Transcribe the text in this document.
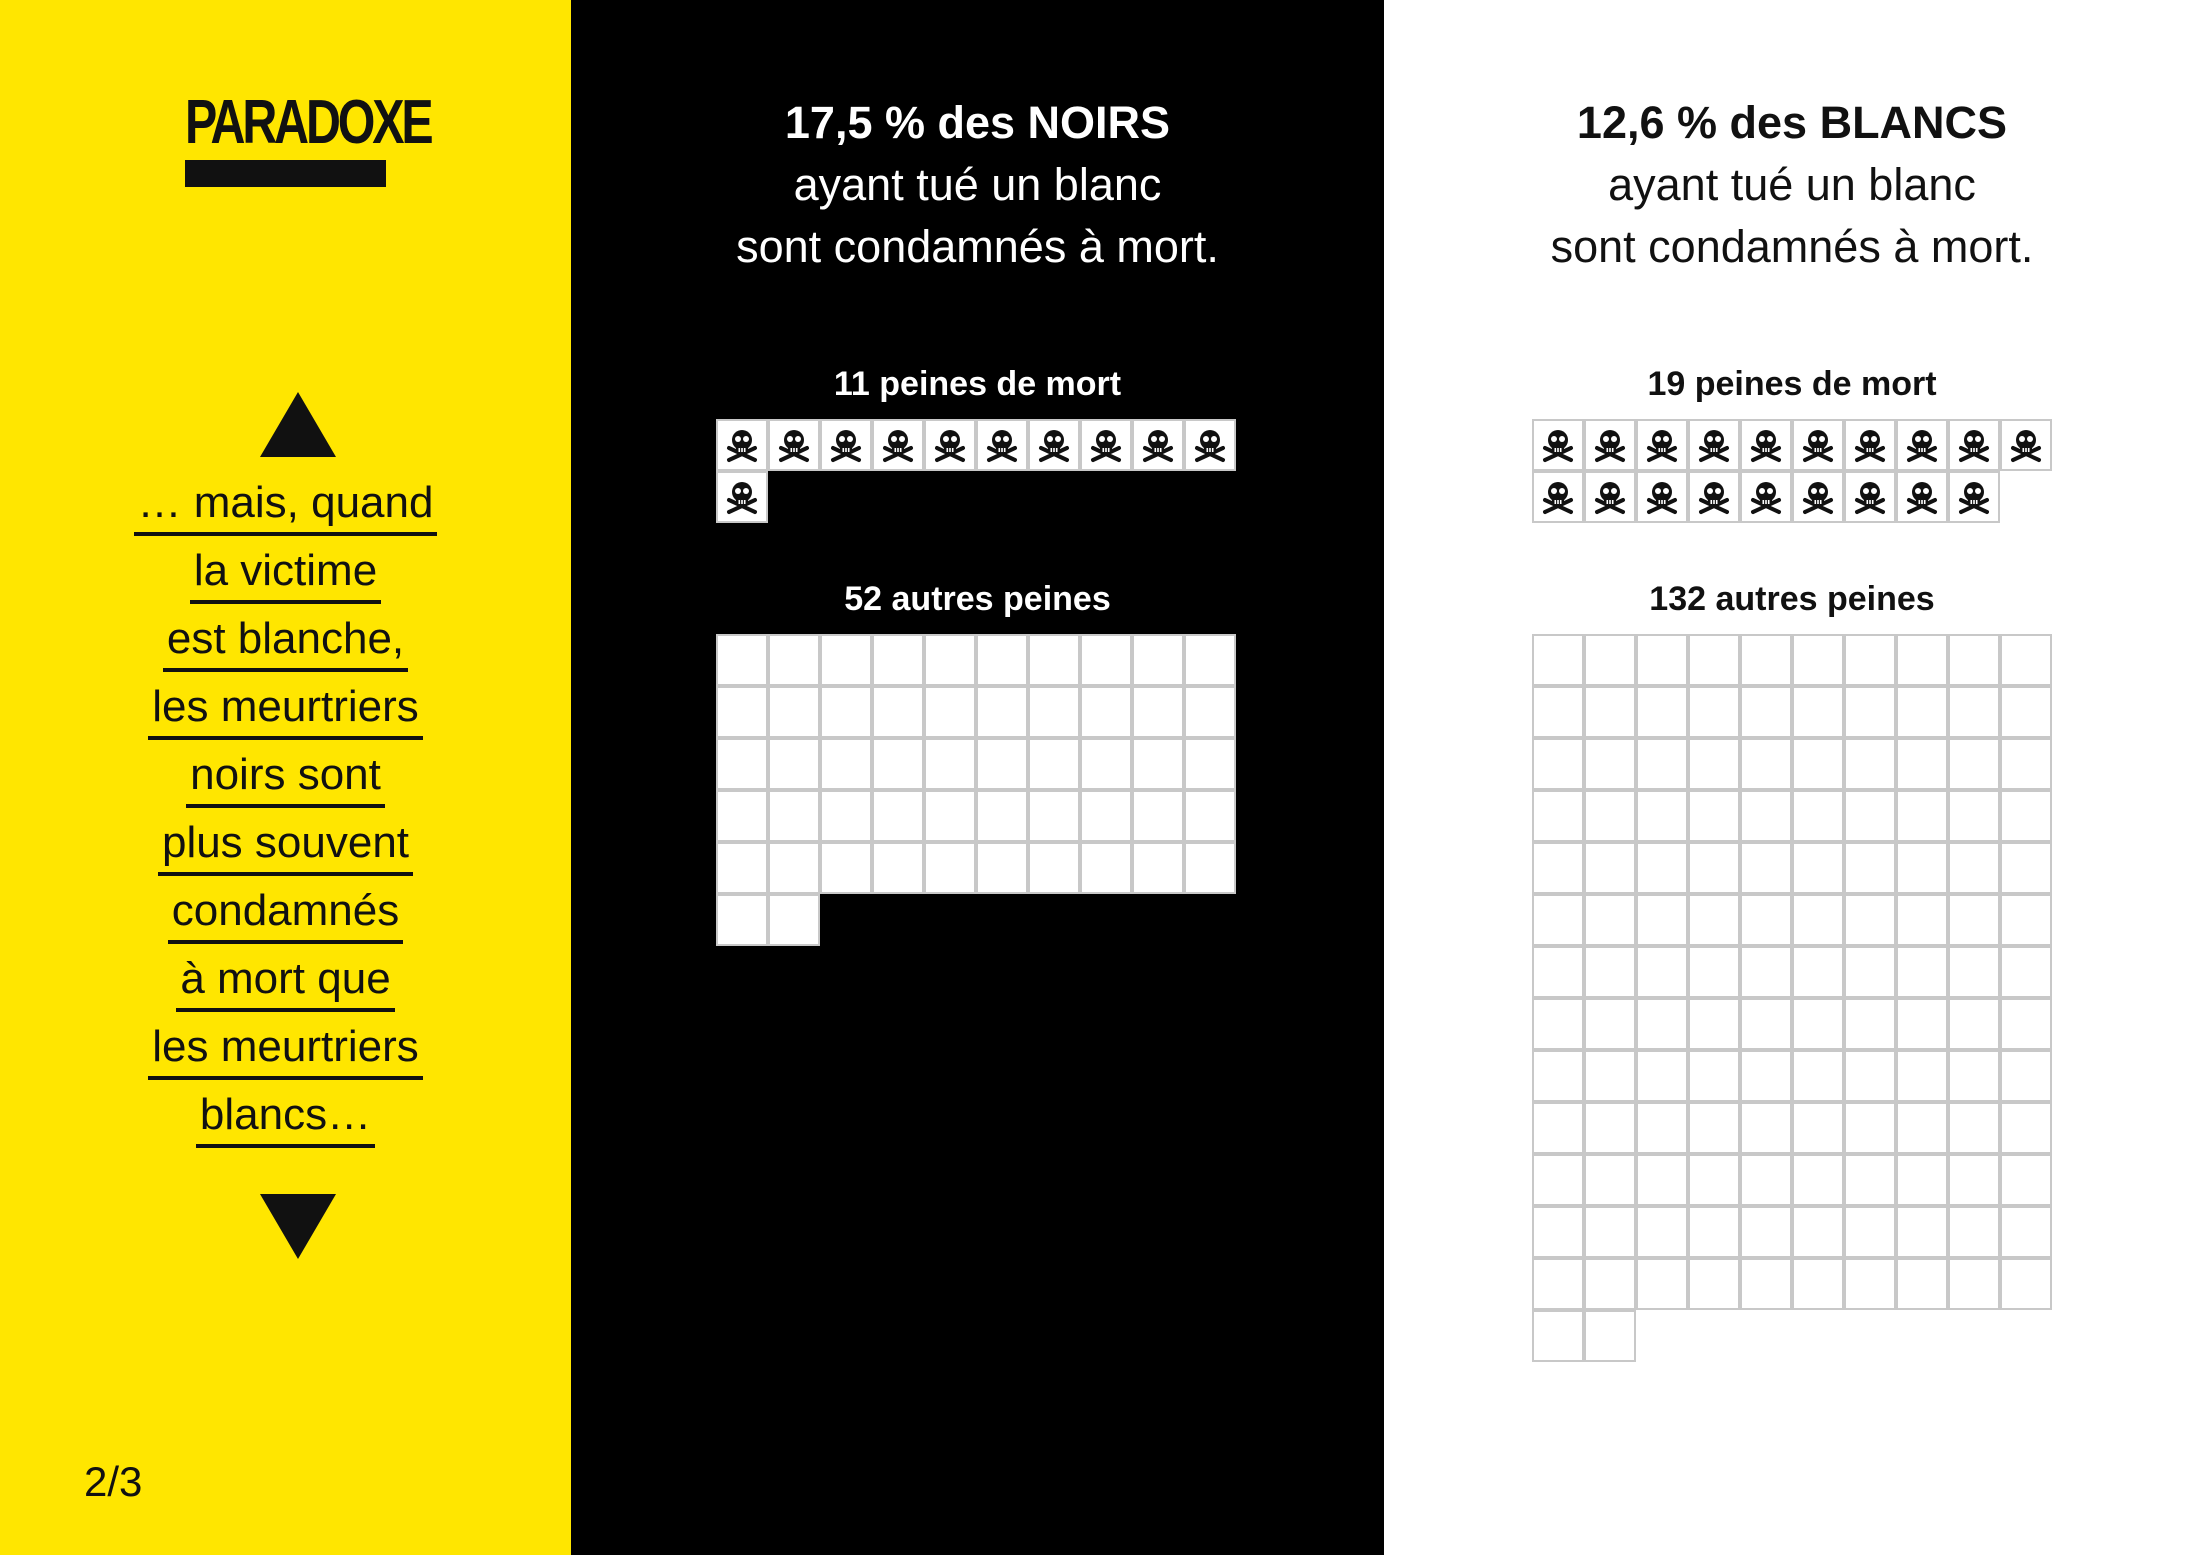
PARADOXE
… mais, quand
la victime
est blanche,
les meurtriers
noirs sont
plus souvent
condamnés
à mort que
les meurtriers
blancs…
2/3
17,5 % des NOIRS
ayant tué un blanc
sont condamnés à mort.
11 peines de mort
52 autres peines
12,6 % des BLANCS
ayant tué un blanc
sont condamnés à mort.
19 peines de mort
132 autres peines
